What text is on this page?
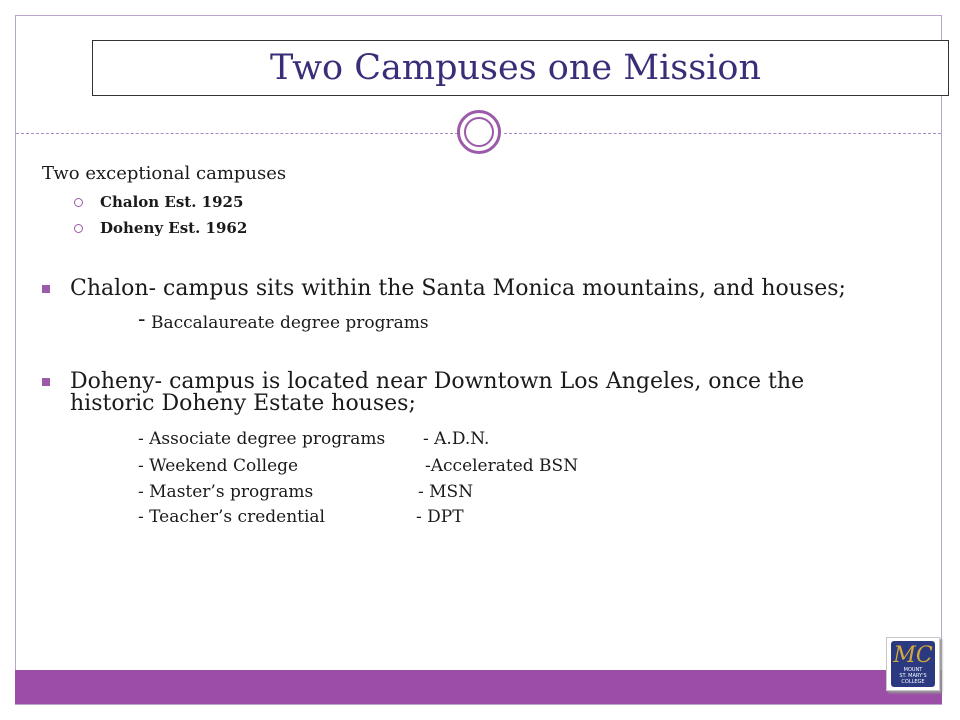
Two Campuses one Mission
Two exceptional campuses
Chalon Est. 1925
Doheny Est. 1962
Chalon- campus sits within the Santa Monica mountains, and houses;
- Baccalaureate degree programs
Doheny- campus is located near Downtown Los Angeles, once the
historic Doheny Estate houses;
- Associate degree programs - A.D.N.
- Weekend College	-Accelerated BSN
- Master’s programs	- MSN
- Teacher’s credential	- DPT
MC
MOUNT
ST. MARY'S
COLLEGE
